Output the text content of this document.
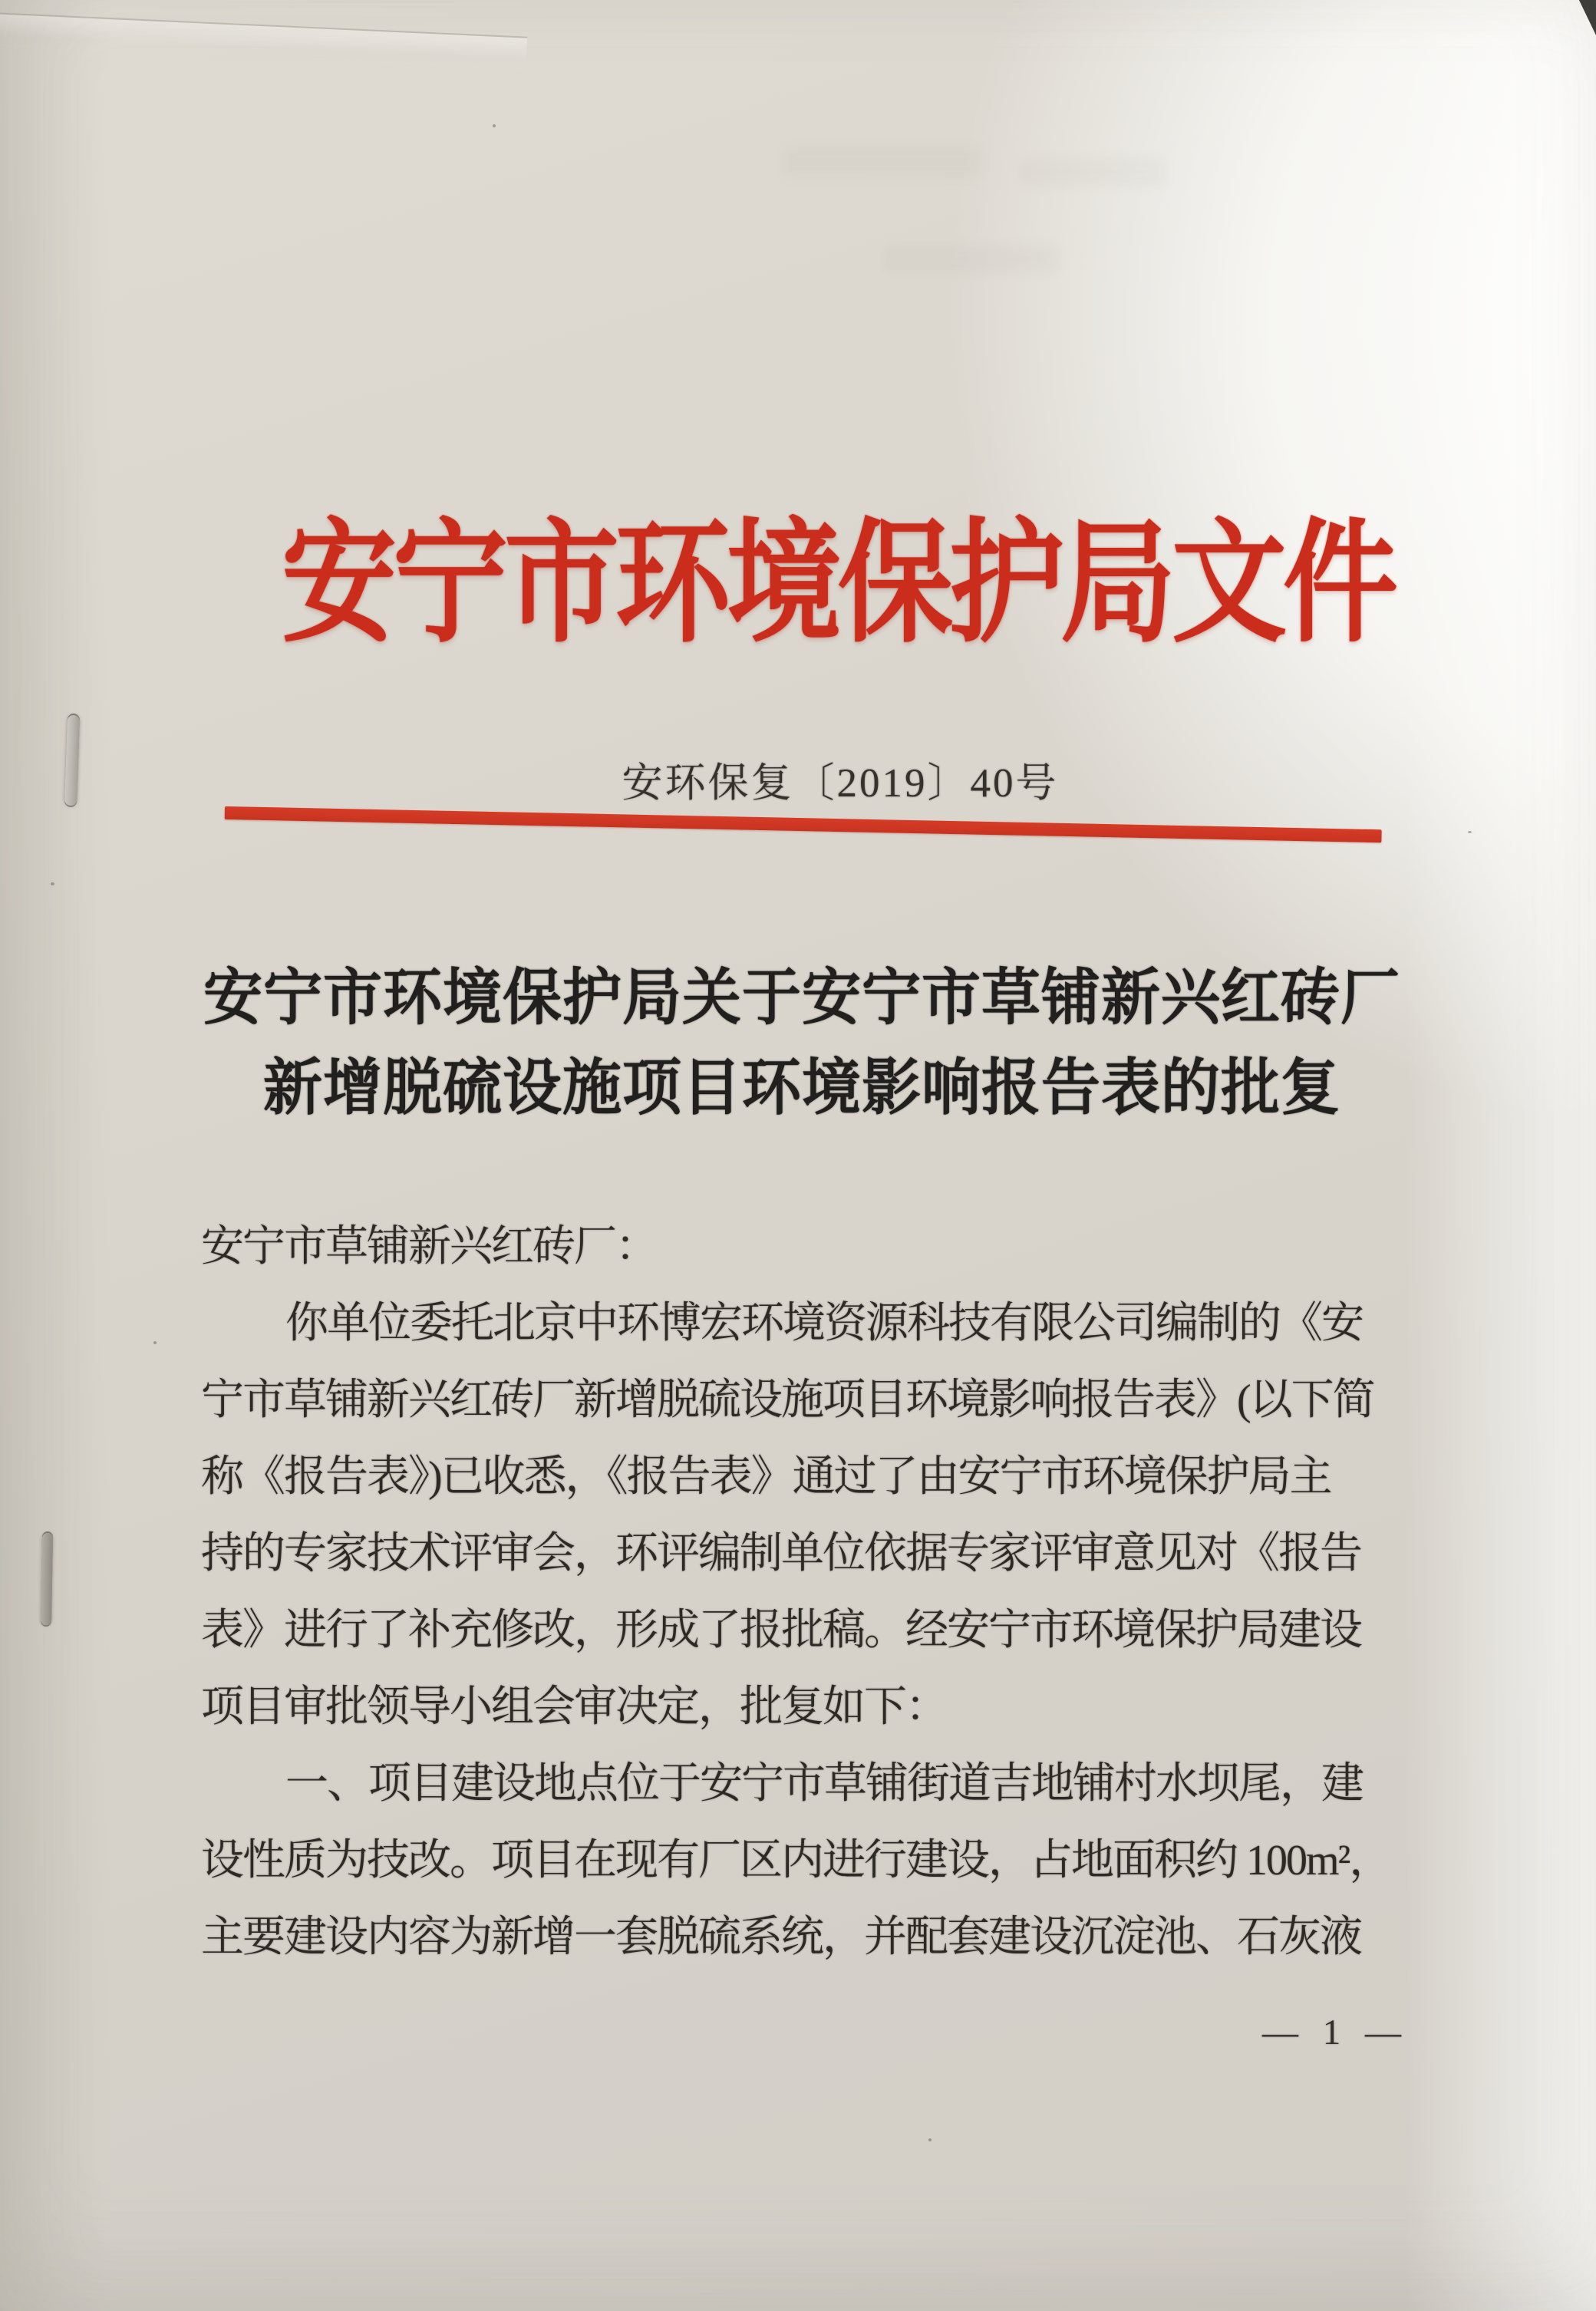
安宁市环境保护局文件
安环保复〔2019〕40号
安宁市环境保护局关于安宁市草铺新兴红砖厂
新增脱硫设施项目环境影响报告表的批复
安宁市草铺新兴红砖厂：
你单位委托北京中环博宏环境资源科技有限公司编制的《安
宁市草铺新兴红砖厂新增脱硫设施项目环境影响报告表》(以下简
称《报告表》)已收悉，《报告表》通过了由安宁市环境保护局主
持的专家技术评审会，环评编制单位依据专家评审意见对《报告
表》进行了补充修改，形成了报批稿。经安宁市环境保护局建设
项目审批领导小组会审决定，批复如下：
一、项目建设地点位于安宁市草铺街道吉地铺村水坝尾，建
设性质为技改。项目在现有厂区内进行建设，占地面积约 100m²，
主要建设内容为新增一套脱硫系统，并配套建设沉淀池、石灰液
— 1 —
